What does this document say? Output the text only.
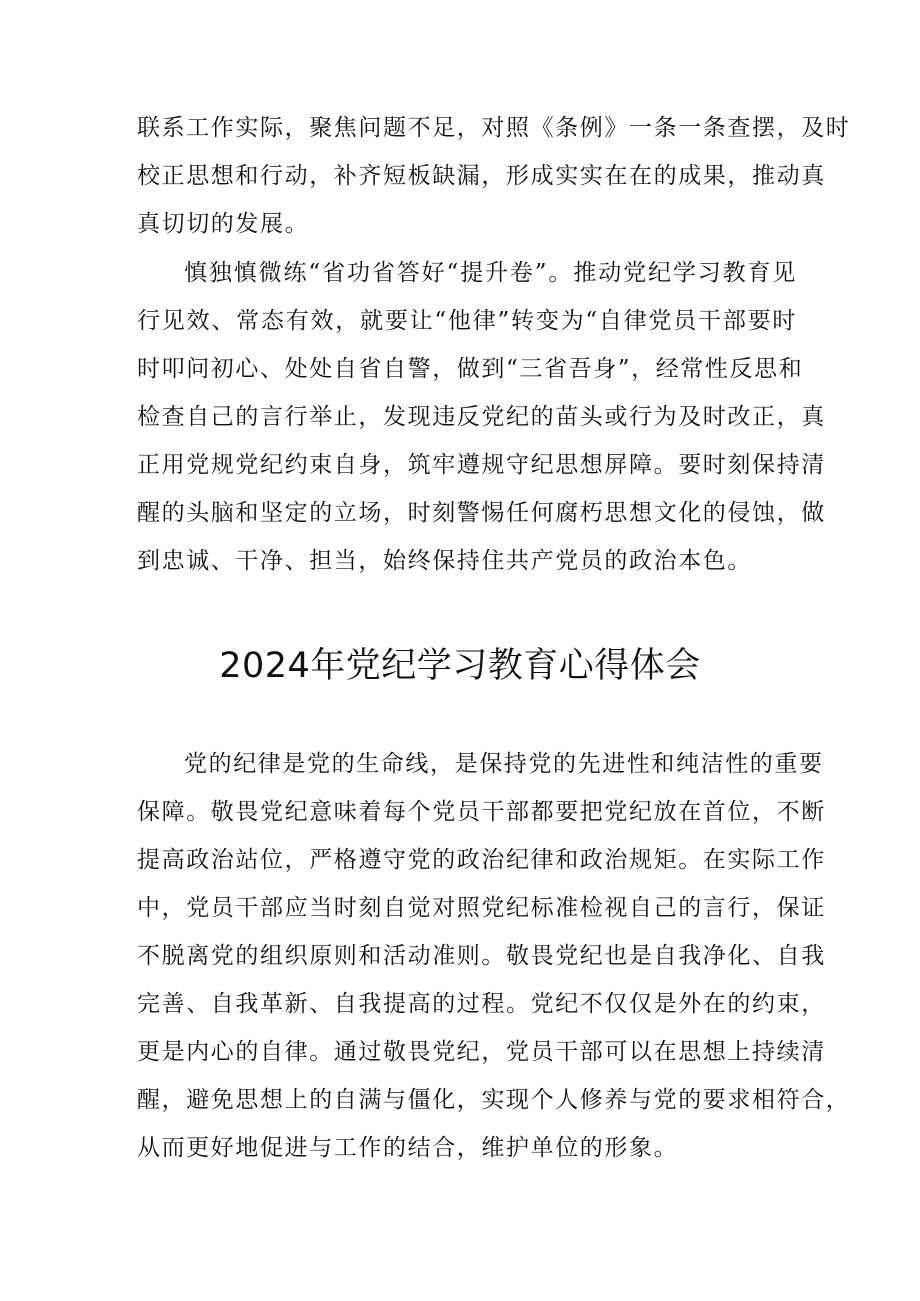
联系工作实际，聚焦问题不足，对照《条例》一条一条查摆，及时
校正思想和行动，补齐短板缺漏，形成实实在在的成果，推动真
真切切的发展。
慎独慎微练“省功省答好“提升卷”。推动党纪学习教育见
行见效、常态有效，就要让“他律”转变为“自律党员干部要时
时叩问初心、处处自省自警，做到“三省吾身”，经常性反思和
检查自己的言行举止，发现违反党纪的苗头或行为及时改正，真
正用党规党纪约束自身，筑牢遵规守纪思想屏障。要时刻保持清
醒的头脑和坚定的立场，时刻警惕任何腐朽思想文化的侵蚀，做
到忠诚、干净、担当，始终保持住共产党员的政治本色。
2024年党纪学习教育心得体会
党的纪律是党的生命线，是保持党的先进性和纯洁性的重要
保障。敬畏党纪意味着每个党员干部都要把党纪放在首位，不断
提高政治站位，严格遵守党的政治纪律和政治规矩。在实际工作
中，党员干部应当时刻自觉对照党纪标准检视自己的言行，保证
不脱离党的组织原则和活动准则。敬畏党纪也是自我净化、自我
完善、自我革新、自我提高的过程。党纪不仅仅是外在的约束，
更是内心的自律。通过敬畏党纪，党员干部可以在思想上持续清
醒，避免思想上的自满与僵化，实现个人修养与党的要求相符合，
从而更好地促进与工作的结合，维护单位的形象。
